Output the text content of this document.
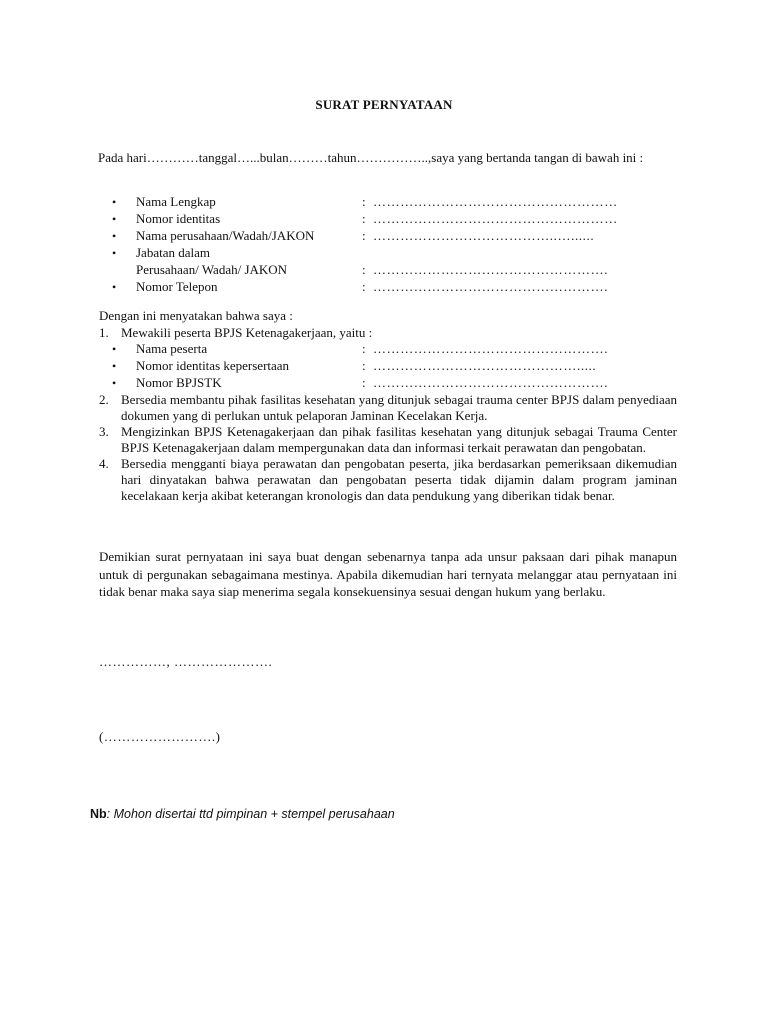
SURAT PERNYATAAN
Pada hari…………tanggal…...bulan………tahun……………..,saya yang bertanda tangan di bawah ini :
• Nama Lengkap	: ………………………………………………
• Nomor identitas	: ………………………………………………
• Nama perusahaan/Wadah/JAKON	: …………………………………..…......
• Jabatan dalam
Perusahaan/ Wadah/ JAKON	: …………………………………………….
• Nomor Telepon	: …………………………………………….
Dengan ini menyatakan bahwa saya :
1. Mewakili peserta BPJS Ketenagakerjaan, yaitu :
• Nama peserta	: …………………………………………….
• Nomor identitas kepersertaan	: ……………………………………….....
• Nomor BPJSTK	: …………………………………………….
2. Bersedia membantu pihak fasilitas kesehatan yang ditunjuk sebagai trauma center BPJS dalam penyediaan dokumen yang di perlukan untuk pelaporan Jaminan Kecelakan Kerja.
3. Mengizinkan BPJS Ketenagakerjaan dan pihak fasilitas kesehatan yang ditunjuk sebagai Trauma Center BPJS Ketenagakerjaan dalam mempergunakan data dan informasi terkait perawatan dan pengobatan.
4. Bersedia mengganti biaya perawatan dan pengobatan peserta, jika berdasarkan pemeriksaan dikemudian hari dinyatakan bahwa perawatan dan pengobatan peserta tidak dijamin dalam program jaminan kecelakaan kerja akibat keterangan kronologis dan data pendukung yang diberikan tidak benar.
Demikian surat pernyataan ini saya buat dengan sebenarnya tanpa ada unsur paksaan dari pihak manapun untuk di pergunakan sebagaimana mestinya. Apabila dikemudian hari ternyata melanggar atau pernyataan ini tidak benar maka saya siap menerima segala konsekuensinya sesuai dengan hukum yang berlaku.
……………, ………………….
(…………………….)
Nb: Mohon disertai ttd pimpinan + stempel perusahaan
